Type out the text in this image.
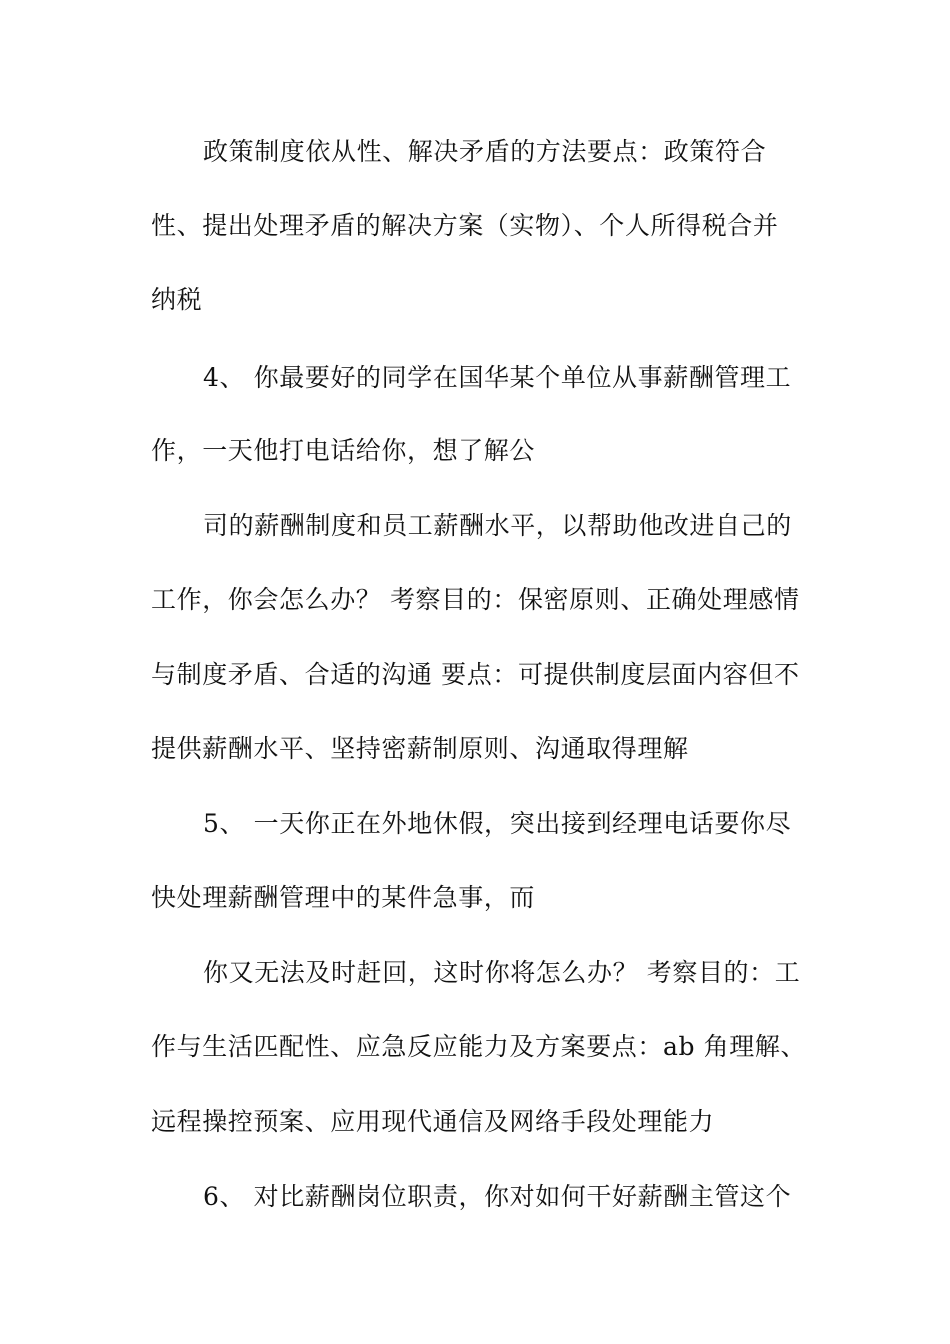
政策制度依从性、解决矛盾的方法要点：政策符合
性、提出处理矛盾的解决方案（实物）、个人所得税合并
纳税
4、 你最要好的同学在国华某个单位从事薪酬管理工
作，一天他打电话给你，想了解公
司的薪酬制度和员工薪酬水平，以帮助他改进自己的
工作，你会怎么办？ 考察目的：保密原则、正确处理感情
与制度矛盾、合适的沟通 要点：可提供制度层面内容但不
提供薪酬水平、坚持密薪制原则、沟通取得理解
5、 一天你正在外地休假，突出接到经理电话要你尽
快处理薪酬管理中的某件急事，而
你又无法及时赶回，这时你将怎么办？ 考察目的：工
作与生活匹配性、应急反应能力及方案要点：ab 角理解、
远程操控预案、应用现代通信及网络手段处理能力
6、 对比薪酬岗位职责，你对如何干好薪酬主管这个
